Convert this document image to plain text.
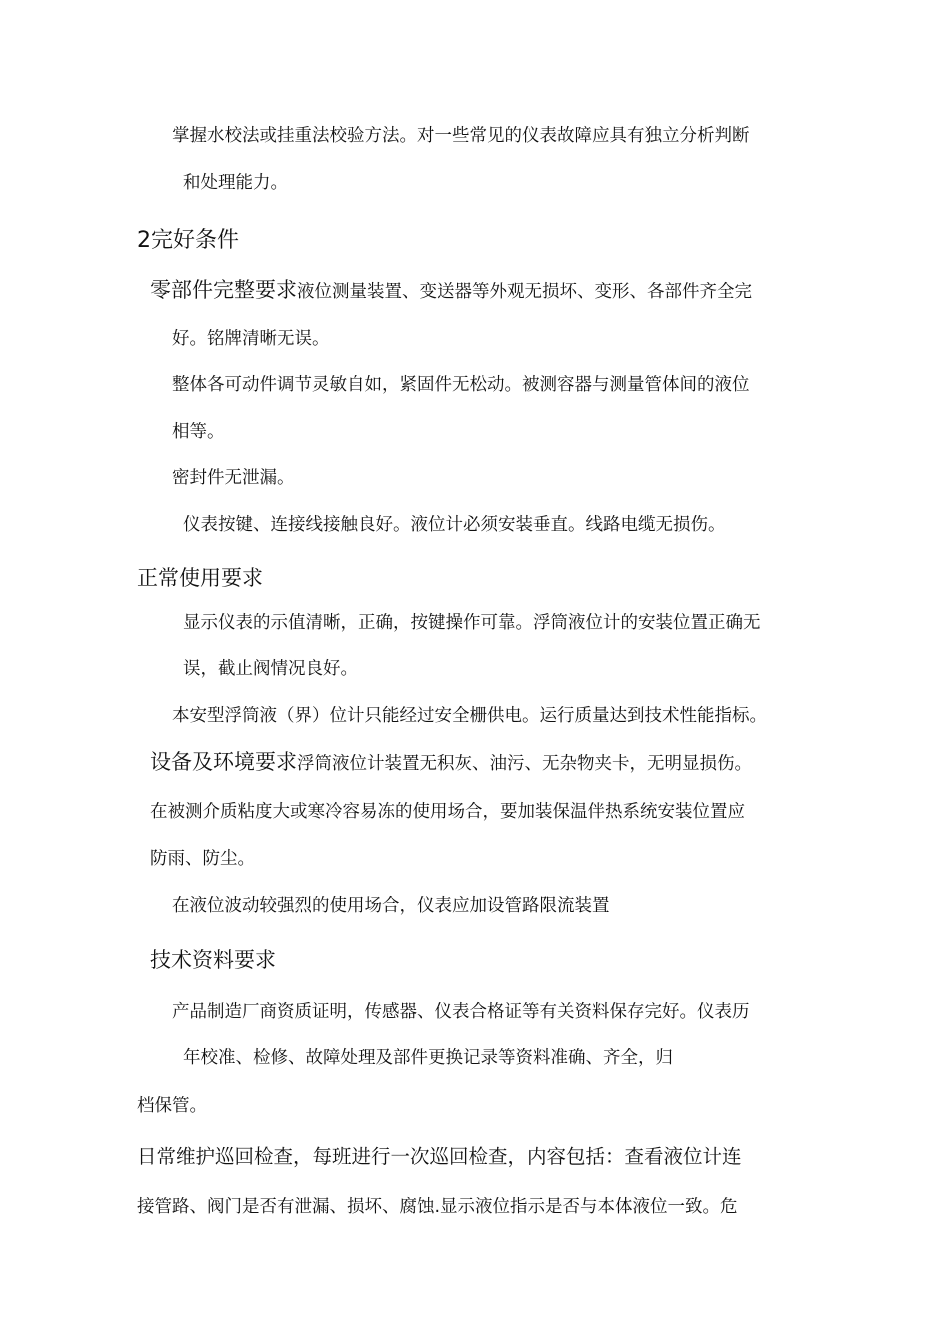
掌握水校法或挂重法校验方法。对一些常见的仪表故障应具有独立分析判断
和处理能力。
2完好条件
零部件完整要求液位测量装置、变送器等外观无损坏、变形、各部件齐全完
好。铭牌清晰无误。
整体各可动件调节灵敏自如，紧固件无松动。被测容器与测量管体间的液位
相等。
密封件无泄漏。
仪表按键、连接线接触良好。液位计必须安装垂直。线路电缆无损伤。
正常使用要求
显示仪表的示值清晰，正确，按键操作可靠。浮筒液位计的安装位置正确无
误，截止阀情况良好。
本安型浮筒液（界）位计只能经过安全栅供电。运行质量达到技术性能指标。
设备及环境要求浮筒液位计装置无积灰、油污、无杂物夹卡，无明显损伤。
在被测介质粘度大或寒冷容易冻的使用场合，要加装保温伴热系统安装位置应
防雨、防尘。
在液位波动较强烈的使用场合，仪表应加设管路限流装置
技术资料要求
产品制造厂商资质证明，传感器、仪表合格证等有关资料保存完好。仪表历
年校准、检修、故障处理及部件更换记录等资料准确、齐全，归
档保管。
日常维护巡回检查，每班进行一次巡回检查，内容包括：查看液位计连
接管路、阀门是否有泄漏、损坏、腐蚀.显示液位指示是否与本体液位一致。危
